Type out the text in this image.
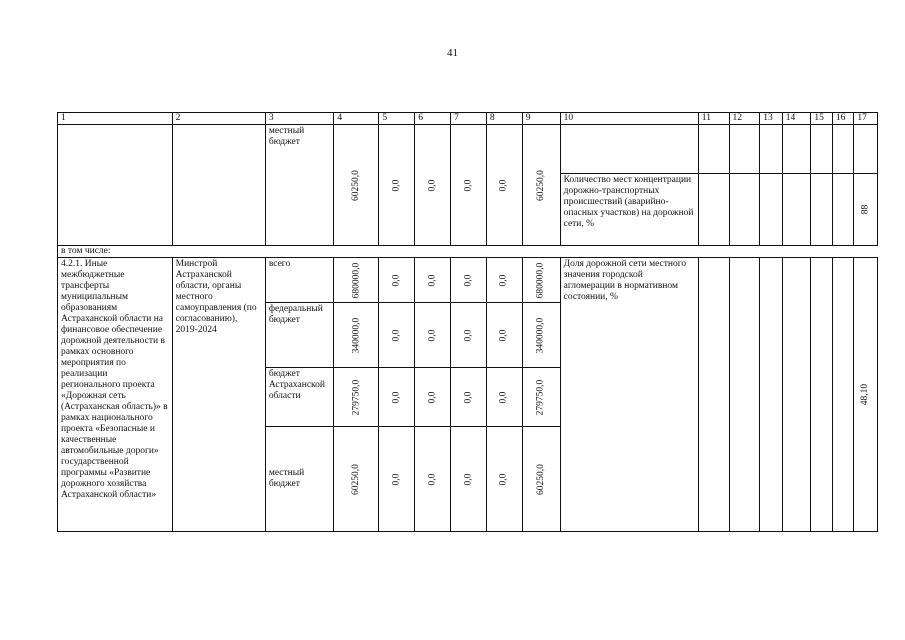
41
1	2	3	4	5	6	7	8	9	10	11	12	13	14	15	16	17
		местный бюджет	60250,0	0,0	0,0	0,0	0,0	60250,0								

									Количество мест концентрации дорожно-транспортных происшествий (аварийно-опасных участков) на дорожной сети, %							88

в том числе:																
4.2.1. Иные межбюджетные трансферты муниципальным образованиям Астраханской области на финансовое обеспечение дорожной деятельности в рамках основного мероприятия по реализации регионального проекта «Дорожная сеть (Астраханская область)» в рамках национального проекта «Безопасные и качественные автомобильные дороги» государственной программы «Развитие дорожного хозяйства Астраханской области»	Минстрой Астраханской области, органы местного самоуправления (по согласованию), 2019-2024	всего	680000,0	0,0	0,0	0,0	0,0	680000,0	Доля дорожной сети местного значения городской агломерации в нормативном состоянии, %							48,10

		федеральный бюджет	340000,0	0,0	0,0	0,0	0,0	340000,0								

		бюджет Астраханской области	279750,0	0,0	0,0	0,0	0,0	279750,0								

		местный бюджет	60250,0	0,0	0,0	0,0	0,0	60250,0								
